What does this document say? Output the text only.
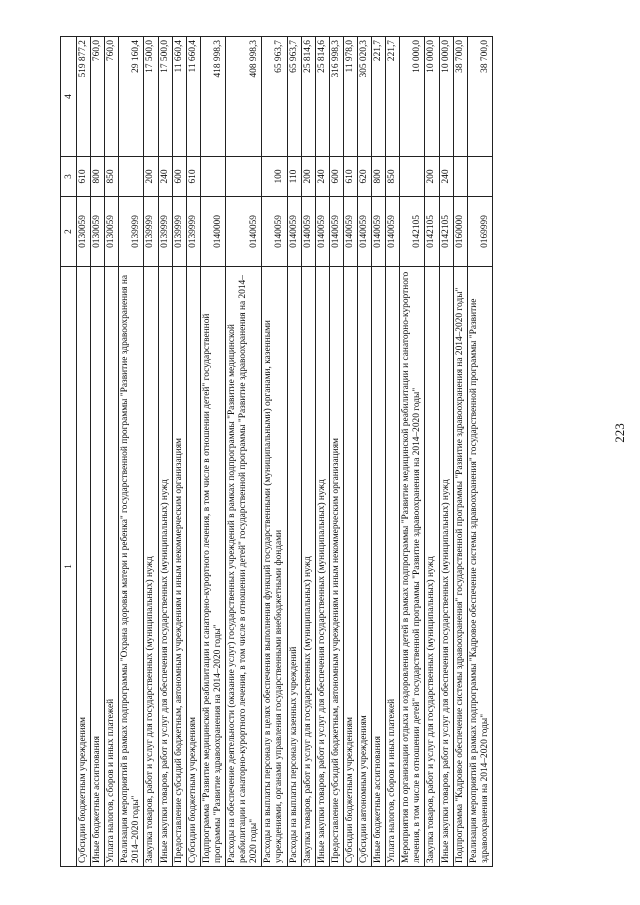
223
1	2	3	4
Субсидии бюджетным учреждениям	0130059	610	519 877,2
Иные бюджетные ассигнования	0130059	800	760,0
Уплата налогов, сборов и иных платежей	0130059	850	760,0
Реализация мероприятий в рамках подпрограммы "Охрана здоровья матери и ребенка" государственной программы "Развитие здравоохранения на 2014–2020 годы"	0139999		29 160,4
Закупка товаров, работ и услуг для государственных (муниципальных) нужд	0139999	200	17 500,0
Иные закупки товаров, работ и услуг для обеспечения государственных (муниципальных) нужд	0139999	240	17 500,0
Предоставление субсидий бюджетным, автономным учреждениям и иным некоммерческим организациям	0139999	600	11 660,4
Субсидии бюджетным учреждениям	0139999	610	11 660,4
Подпрограмма "Развитие медицинской реабилитации и санаторно-курортного лечения, в том числе в отношении детей" государственной программы "Развитие здравоохранения на 2014–2020 годы"	0140000		418 998,3
Расходы на обеспечение деятельности (оказание услуг) государственных учреждений в рамках подпрограммы "Развитие медицинской реабилитации и санаторно-курортного лечения, в том числе в отношении детей" государственной программы "Развитие здравоохранения на 2014–2020 годы"	0140059		408 998,3
Расходы на выплаты персоналу в целях обеспечения выполнения функций государственными (муниципальными) органами, казенными учреждениями, органами управления государственными внебюджетными фондами	0140059	100	65 963,7
Расходы на выплаты персоналу казенных учреждений	0140059	110	65 963,7
Закупка товаров, работ и услуг для государственных (муниципальных) нужд	0140059	200	25 814,6
Иные закупки товаров, работ и услуг для обеспечения государственных (муниципальных) нужд	0140059	240	25 814,6
Предоставление субсидий бюджетным, автономным учреждениям и иным некоммерческим организациям	0140059	600	316 998,3
Субсидии бюджетным учреждениям	0140059	610	11 978,0
Субсидии автономным учреждениям	0140059	620	305 020,3
Иные бюджетные ассигнования	0140059	800	221,7
Уплата налогов, сборов и иных платежей	0140059	850	221,7
Мероприятия по организации отдыха и оздоровления детей в рамках подпрограммы "Развитие медицинской реабилитации и санаторно-курортного лечения, в том числе в отношении детей" государственной программы "Развитие здравоохранения на 2014–2020 годы"	0142105		10 000,0
Закупка товаров, работ и услуг для государственных (муниципальных) нужд	0142105	200	10 000,0
Иные закупки товаров, работ и услуг для обеспечения государственных (муниципальных) нужд	0142105	240	10 000,0
Подпрограмма "Кадровое обеспечение системы здравоохранения" государственной программы "Развитие здравоохранения на 2014–2020 годы"	0160000		38 700,0
Реализация мероприятий в рамках подпрограммы "Кадровое обеспечение системы здравоохранения" государственной программы "Развитие здравоохранения на 2014–2020 годы"	0169999		38 700,0
